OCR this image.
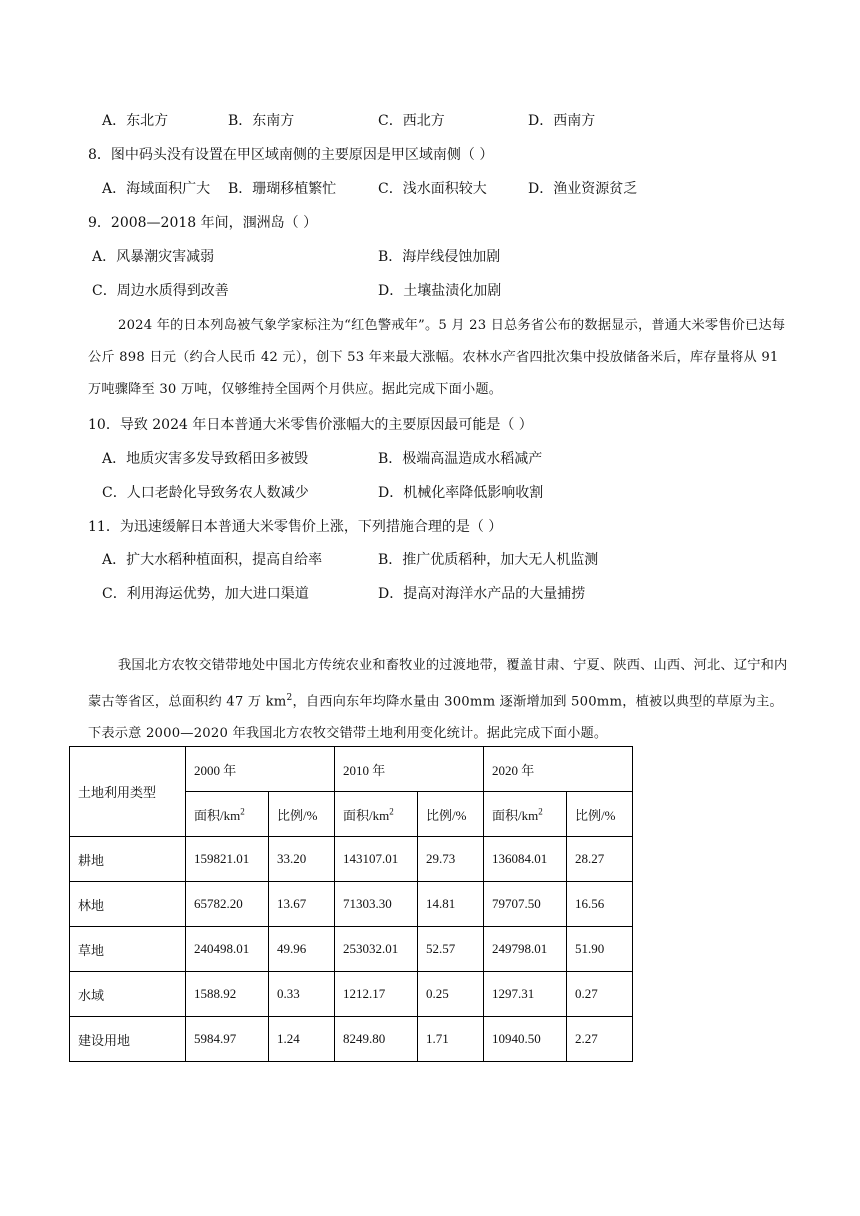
A．东北方	B．东南方	C．西北方	D．西南方
8．图中码头没有设置在甲区域南侧的主要原因是甲区域南侧（ ）
A．海域面积广大 B．珊瑚移植繁忙	C．浅水面积较大	D．渔业资源贫乏
9．2008—2018 年间，涠洲岛（ ）
A．风暴潮灾害减弱	B．海岸线侵蚀加剧
C．周边水质得到改善	D．土壤盐渍化加剧
2024 年的日本列岛被气象学家标注为“红色警戒年”。5 月 23 日总务省公布的数据显示，普通大米零售价已达每公斤 898 日元（约合人民币 42 元），创下 53 年来最大涨幅。农林水产省四批次集中投放储备米后，库存量将从 91 万吨骤降至 30 万吨，仅够维持全国两个月供应。据此完成下面小题。
10．导致 2024 年日本普通大米零售价涨幅大的主要原因最可能是（ ）
A．地质灾害多发导致稻田多被毁	B．极端高温造成水稻减产
C．人口老龄化导致务农人数减少	D．机械化率降低影响收割
11．为迅速缓解日本普通大米零售价上涨，下列措施合理的是（ ）
A．扩大水稻种植面积，提高自给率	B．推广优质稻种，加大无人机监测
C．利用海运优势，加大进口渠道	D．提高对海洋水产品的大量捕捞
我国北方农牧交错带地处中国北方传统农业和畜牧业的过渡地带，覆盖甘肃、宁夏、陕西、山西、河北、辽宁和内蒙古等省区，总面积约 47 万 $km^2$，自西向东年均降水量由 300mm 逐渐增加到 500mm，植被以典型的草原为主。下表示意 2000—2020 年我国北方农牧交错带土地利用变化统计。据此完成下面小题。
土地利用类型	2000 年		2010 年		2020 年	
	面积$/km^2$	比例/%	面积$/km^2$	比例/%	面积$/km^2$	比例/%
耕地	159821.01	33.20	143107.01	29.73	136084.01	28.27
林地	65782.20	13.67	71303.30	14.81	79707.50	16.56
草地	240498.01	49.96	253032.01	52.57	249798.01	51.90
水域	1588.92	0.33	1212.17	0.25	1297.31	0.27
建设用地	5984.97	1.24	8249.80	1.71	10940.50	2.27
